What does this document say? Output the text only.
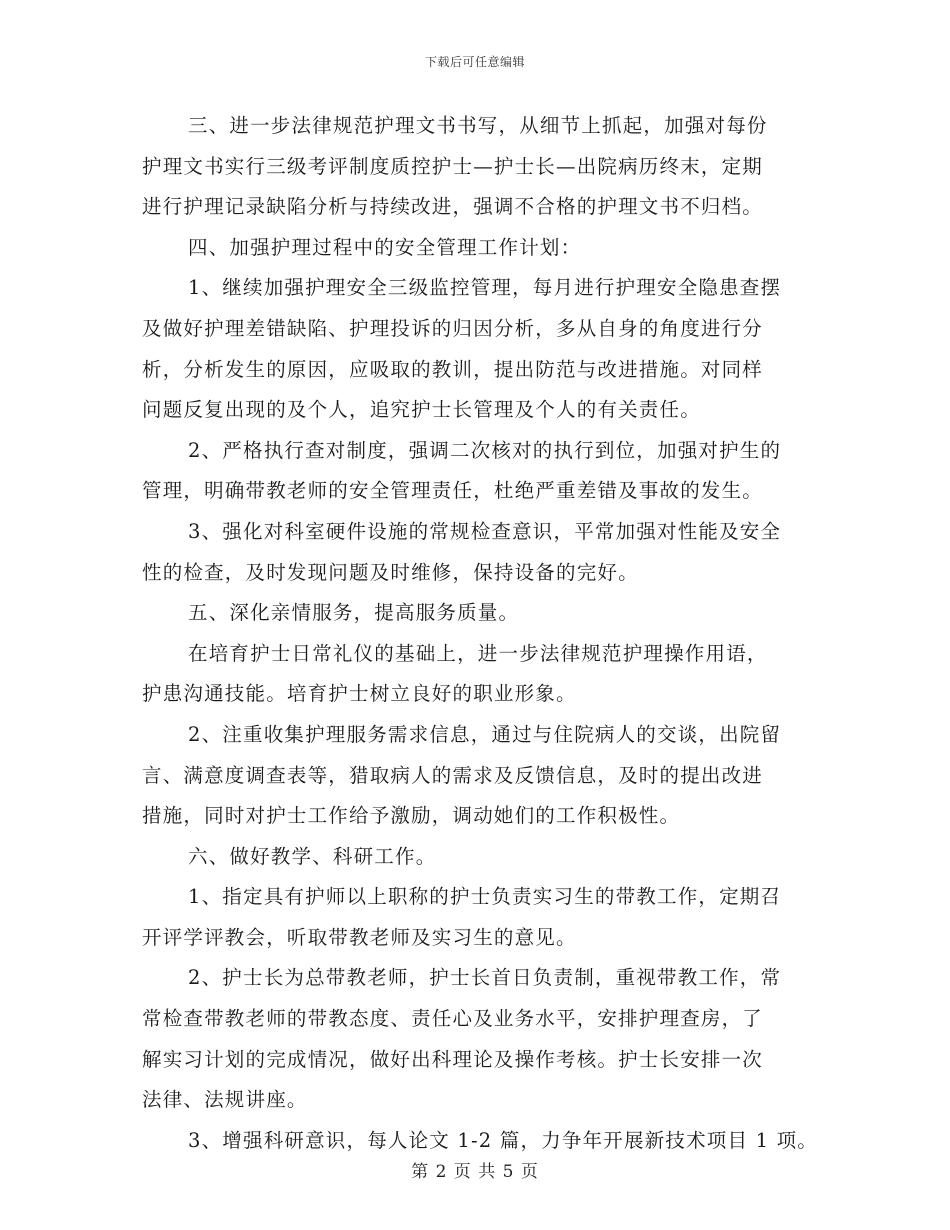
下载后可任意编辑
三、进一步法律规范护理文书书写，从细节上抓起，加强对每份
护理文书实行三级考评制度质控护士—护士长—出院病历终末，定期
进行护理记录缺陷分析与持续改进，强调不合格的护理文书不归档。
四、加强护理过程中的安全管理工作计划：
1、继续加强护理安全三级监控管理，每月进行护理安全隐患查摆
及做好护理差错缺陷、护理投诉的归因分析，多从自身的角度进行分
析，分析发生的原因，应吸取的教训，提出防范与改进措施。对同样
问题反复出现的及个人，追究护士长管理及个人的有关责任。
2、严格执行查对制度，强调二次核对的执行到位，加强对护生的
管理，明确带教老师的安全管理责任，杜绝严重差错及事故的发生。
3、强化对科室硬件设施的常规检查意识，平常加强对性能及安全
性的检查，及时发现问题及时维修，保持设备的完好。
五、深化亲情服务，提高服务质量。
在培育护士日常礼仪的基础上，进一步法律规范护理操作用语，
护患沟通技能。培育护士树立良好的职业形象。
2、注重收集护理服务需求信息，通过与住院病人的交谈，出院留
言、满意度调查表等，猎取病人的需求及反馈信息，及时的提出改进
措施，同时对护士工作给予激励，调动她们的工作积极性。
六、做好教学、科研工作。
1、指定具有护师以上职称的护士负责实习生的带教工作，定期召
开评学评教会，听取带教老师及实习生的意见。
2、护士长为总带教老师，护士长首日负责制，重视带教工作，常
常检查带教老师的带教态度、责任心及业务水平，安排护理查房，了
解实习计划的完成情况，做好出科理论及操作考核。护士长安排一次
法律、法规讲座。
3、增强科研意识，每人论文 1-2 篇，力争年开展新技术项目 1 项。
第 2 页 共 5 页
